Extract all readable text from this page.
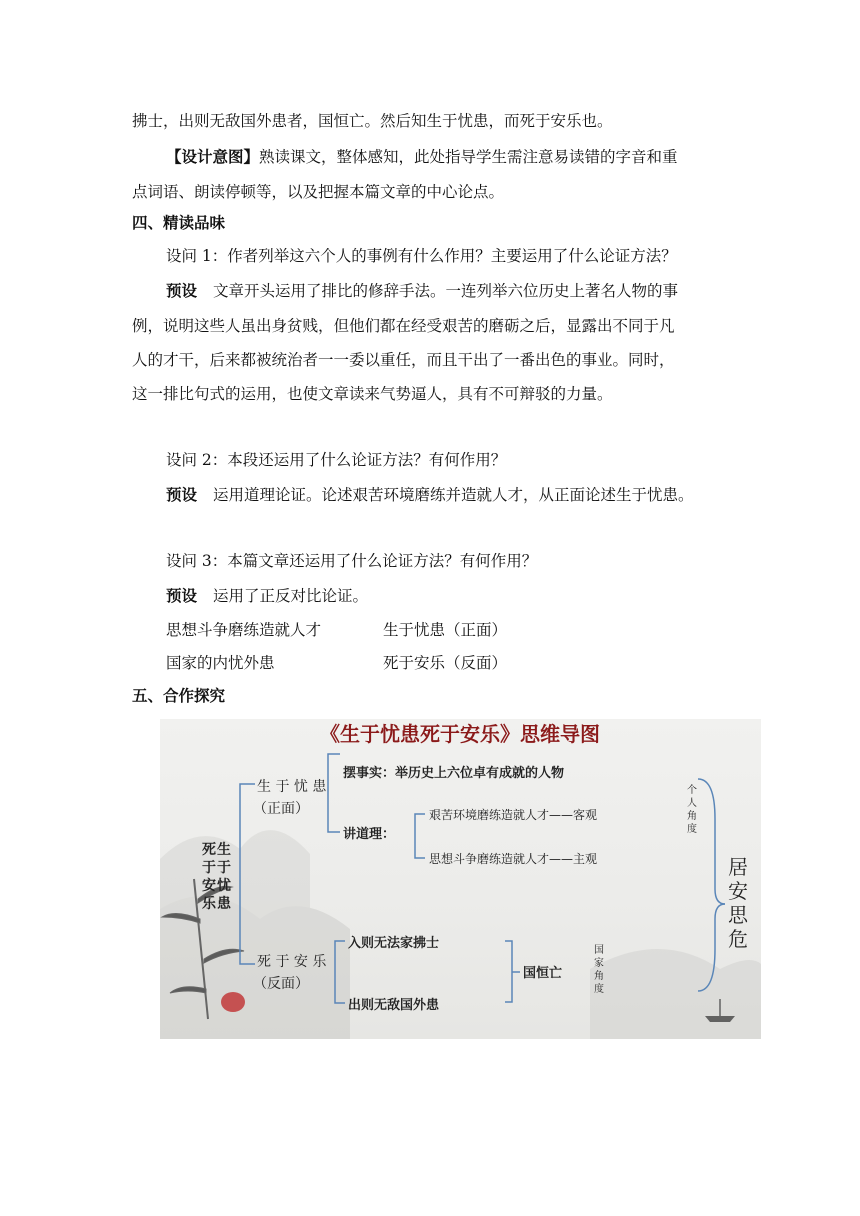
拂士，出则无敌国外患者，国恒亡。然后知生于忧患，而死于安乐也。
【设计意图】熟读课文，整体感知，此处指导学生需注意易读错的字音和重
点词语、朗读停顿等，以及把握本篇文章的中心论点。
四、精读品味
设问 1：作者列举这六个人的事例有什么作用？主要运用了什么论证方法？
预设 文章开头运用了排比的修辞手法。一连列举六位历史上著名人物的事
例，说明这些人虽出身贫贱，但他们都在经受艰苦的磨砺之后，显露出不同于凡
人的才干，后来都被统治者一一委以重任，而且干出了一番出色的事业。同时，
这一排比句式的运用，也使文章读来气势逼人，具有不可辩驳的力量。
设问 2：本段还运用了什么论证方法？有何作用？
预设 运用道理论证。论述艰苦环境磨练并造就人才，从正面论述生于忧患。
设问 3：本篇文章还运用了什么论证方法？有何作用？
预设 运用了正反对比论证。
思想斗争磨练造就人才	生于忧患（正面）
国家的内忧外患	死于安乐（反面）
五、合作探究
《生于忧患死于安乐》思维导图
死
于
安
乐
生
于
忧
患
生 于 忧 患
（正面）
摆事实：举历史上六位卓有成就的人物
讲道理：
艰苦环境磨练造就人才——客观
思想斗争磨练造就人才——主观
个
人
角
度
死 于 安 乐
（反面）
入则无法家拂士
出则无敌国外患
国恒亡
国
家
角
度
居
安
思
危
